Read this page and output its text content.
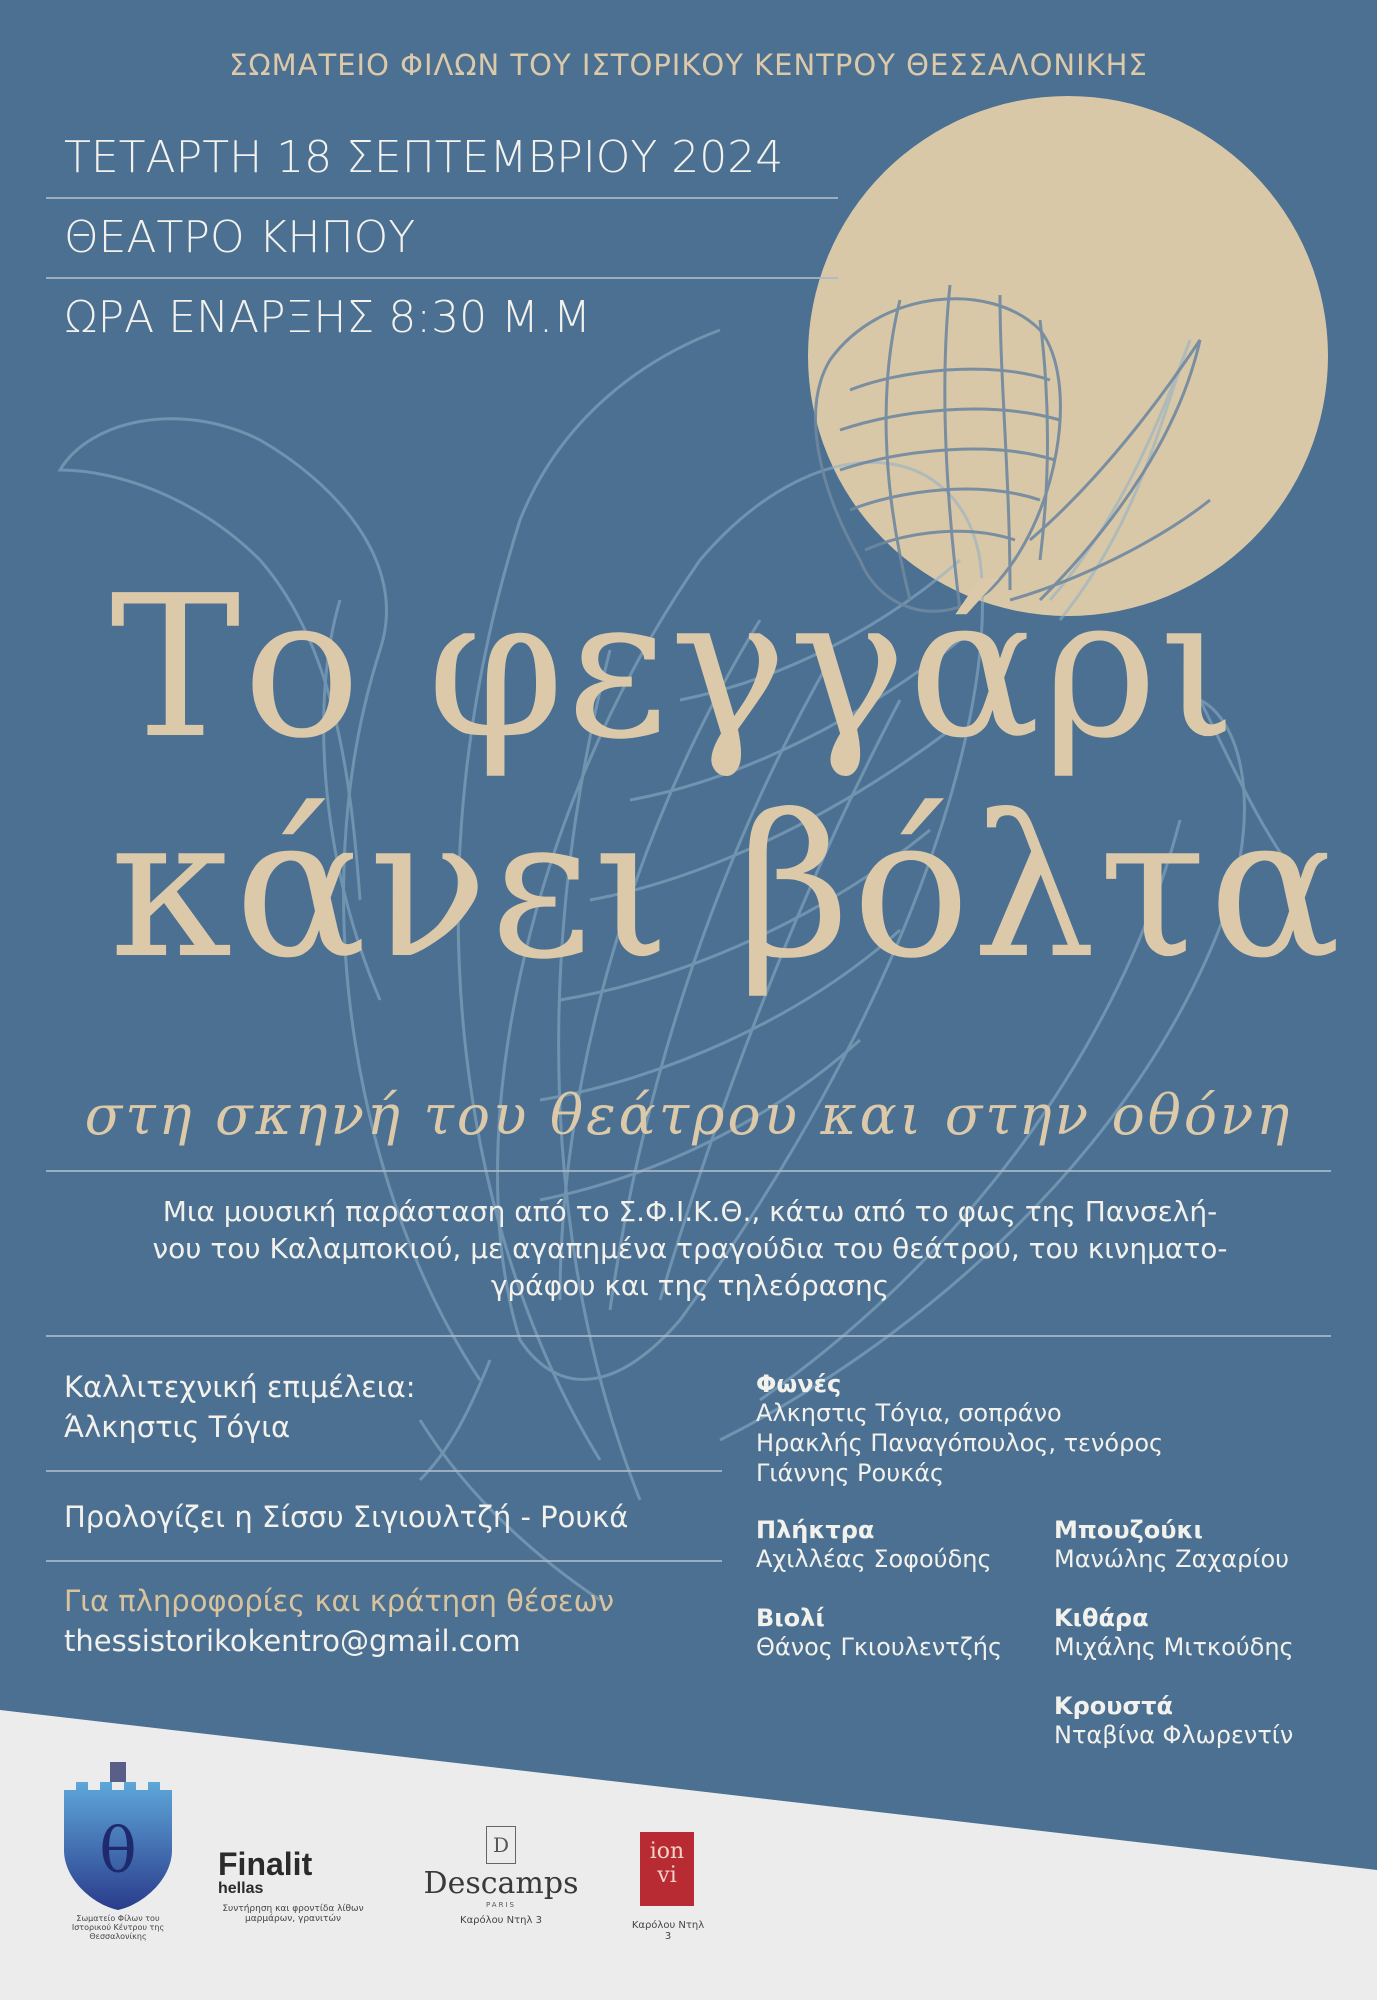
ΣΩΜΑΤΕΙΟ ΦΙΛΩΝ ΤΟΥ ΙΣΤΟΡΙΚΟΥ ΚΕΝΤΡΟΥ ΘΕΣΣΑΛΟΝΙΚΗΣ
ΤΕΤΑΡΤΗ 18 ΣΕΠΤΕΜΒΡΙΟΥ 2024
ΘΕΑΤΡΟ ΚΗΠΟΥ
ΩΡΑ ΕΝΑΡΞΗΣ 8:30 Μ.Μ
Το φεγγάρι
κάνει βόλτα
στη σκηνή του θεάτρου και στην οθόνη
Μια μουσική παράσταση από το Σ.Φ.Ι.Κ.Θ., κάτω από το φως της Πανσελή-
νου του Καλαμποκιού, με αγαπημένα τραγούδια του θεάτρου, του κινηματο-
γράφου και της τηλεόρασης
Καλλιτεχνική επιμέλεια:
Άλκηστις Τόγια
Προλογίζει η Σίσσυ Σιγιουλτζή - Ρουκά
Για πληροφορίες και κράτηση θέσεων
thessistorikokentro@gmail.com
Φωνές
Αλκηστις Τόγια, σοπράνο
Ηρακλής Παναγόπουλος, τενόρος
Γιάννης Ρουκάς
Πλήκτρα
Αχιλλέας Σοφούδης
Μπουζούκι
Μανώλης Ζαχαρίου
Βιολί
Θάνος Γκιουλεντζής
Κιθάρα
Μιχάλης Μιτκούδης
Κρουστά
Νταβίνα Φλωρεντίν
θ
Σωματείο Φίλων του Ιστορικού Κέντρου της Θεσσαλονίκης
Finalit
hellas
Συντήρηση και φροντίδα λίθων μαρμάρων, γρανιτών
D
Descamps
PARIS
Καρόλου Ντηλ 3
ion vi
Καρόλου Ντηλ 3
